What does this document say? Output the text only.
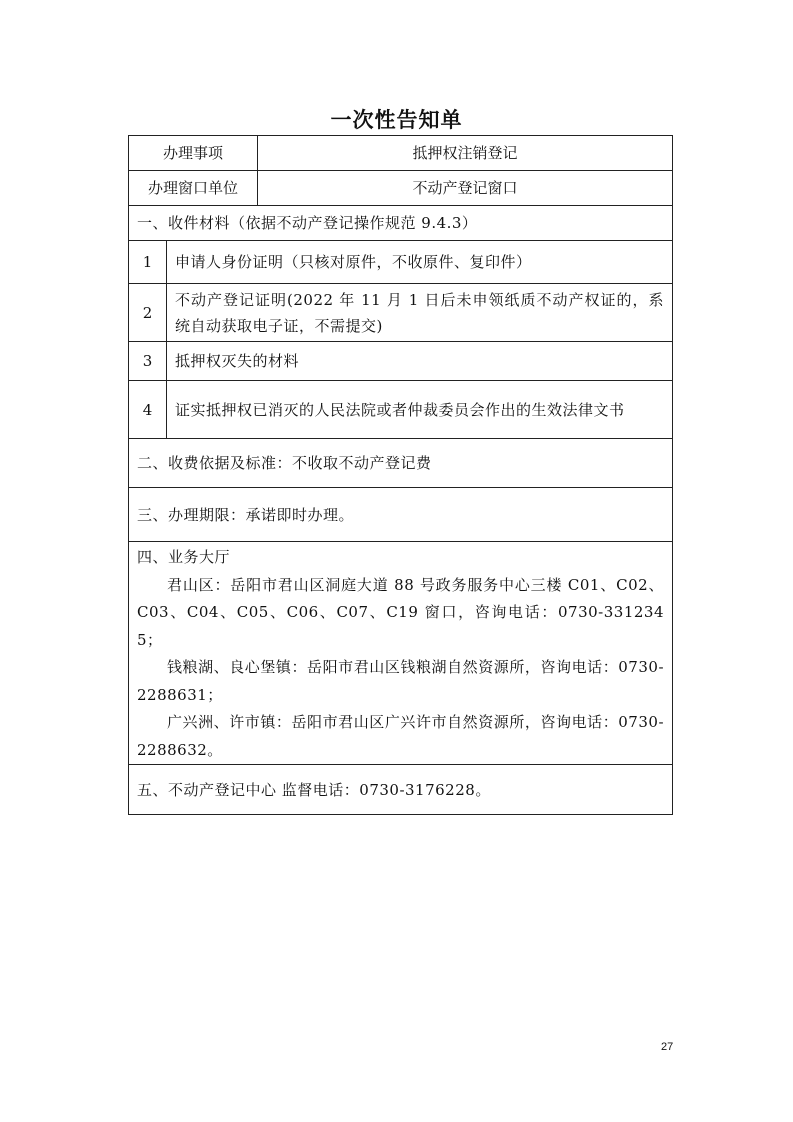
一次性告知单
办理事项		抵押权注销登记
办理窗口单位		不动产登记窗口
一、收件材料（依据不动产登记操作规范 9.4.3）		
1	申请人身份证明（只核对原件，不收原件、复印件）	
2	不动产登记证明(2022 年 11 月 1 日后未申领纸质不动产权证的，系统自动获取电子证，不需提交)	
3	抵押权灭失的材料	
4	证实抵押权已消灭的人民法院或者仲裁委员会作出的生效法律文书	
二、收费依据及标准：不收取不动产登记费		
三、办理期限：承诺即时办理。		

四、业务大厅
君山区：岳阳市君山区洞庭大道 88 号政务服务中心三楼 C01、C02、C03、C04、C05、C06、C07、C19 窗口，咨询电话：0730-3312345；
钱粮湖、良心堡镇：岳阳市君山区钱粮湖自然资源所，咨询电话：0730-2288631；
广兴洲、许市镇：岳阳市君山区广兴许市自然资源所，咨询电话：0730-2288632。		

五、不动产登记中心 监督电话：0730-3176228。		
27
